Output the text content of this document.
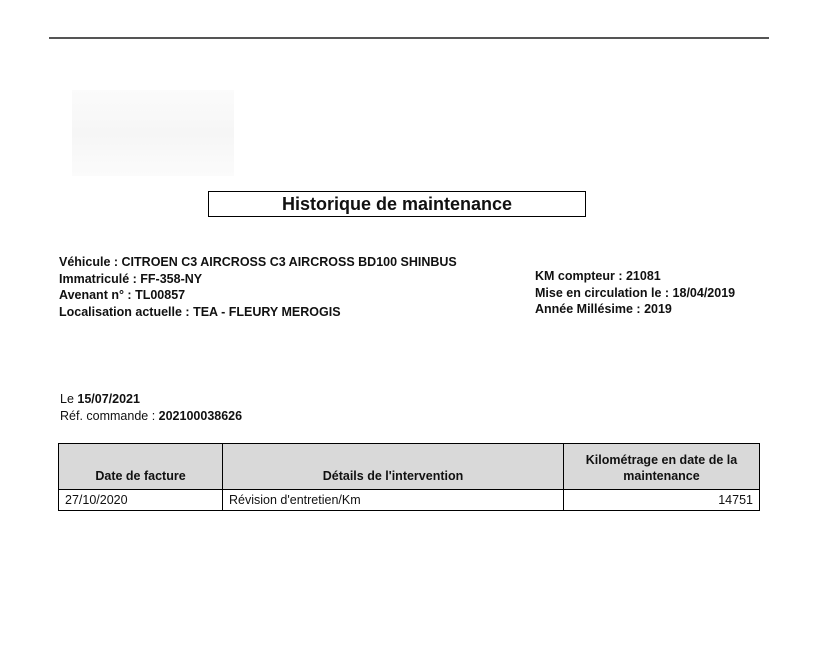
Historique de maintenance
Véhicule : CITROEN C3 AIRCROSS C3 AIRCROSS BD100 SHINBUS
Immatriculé : FF-358-NY
Avenant n° : TL00857
Localisation actuelle : TEA - FLEURY MEROGIS
KM compteur : 21081
Mise en circulation le : 18/04/2019
Année Millésime : 2019
Le 15/07/2021
Réf. commande : 202100038626
Date de facture	Détails de l'intervention	Kilométrage en date de la maintenance
27/10/2020	Révision d'entretien/Km	14751
